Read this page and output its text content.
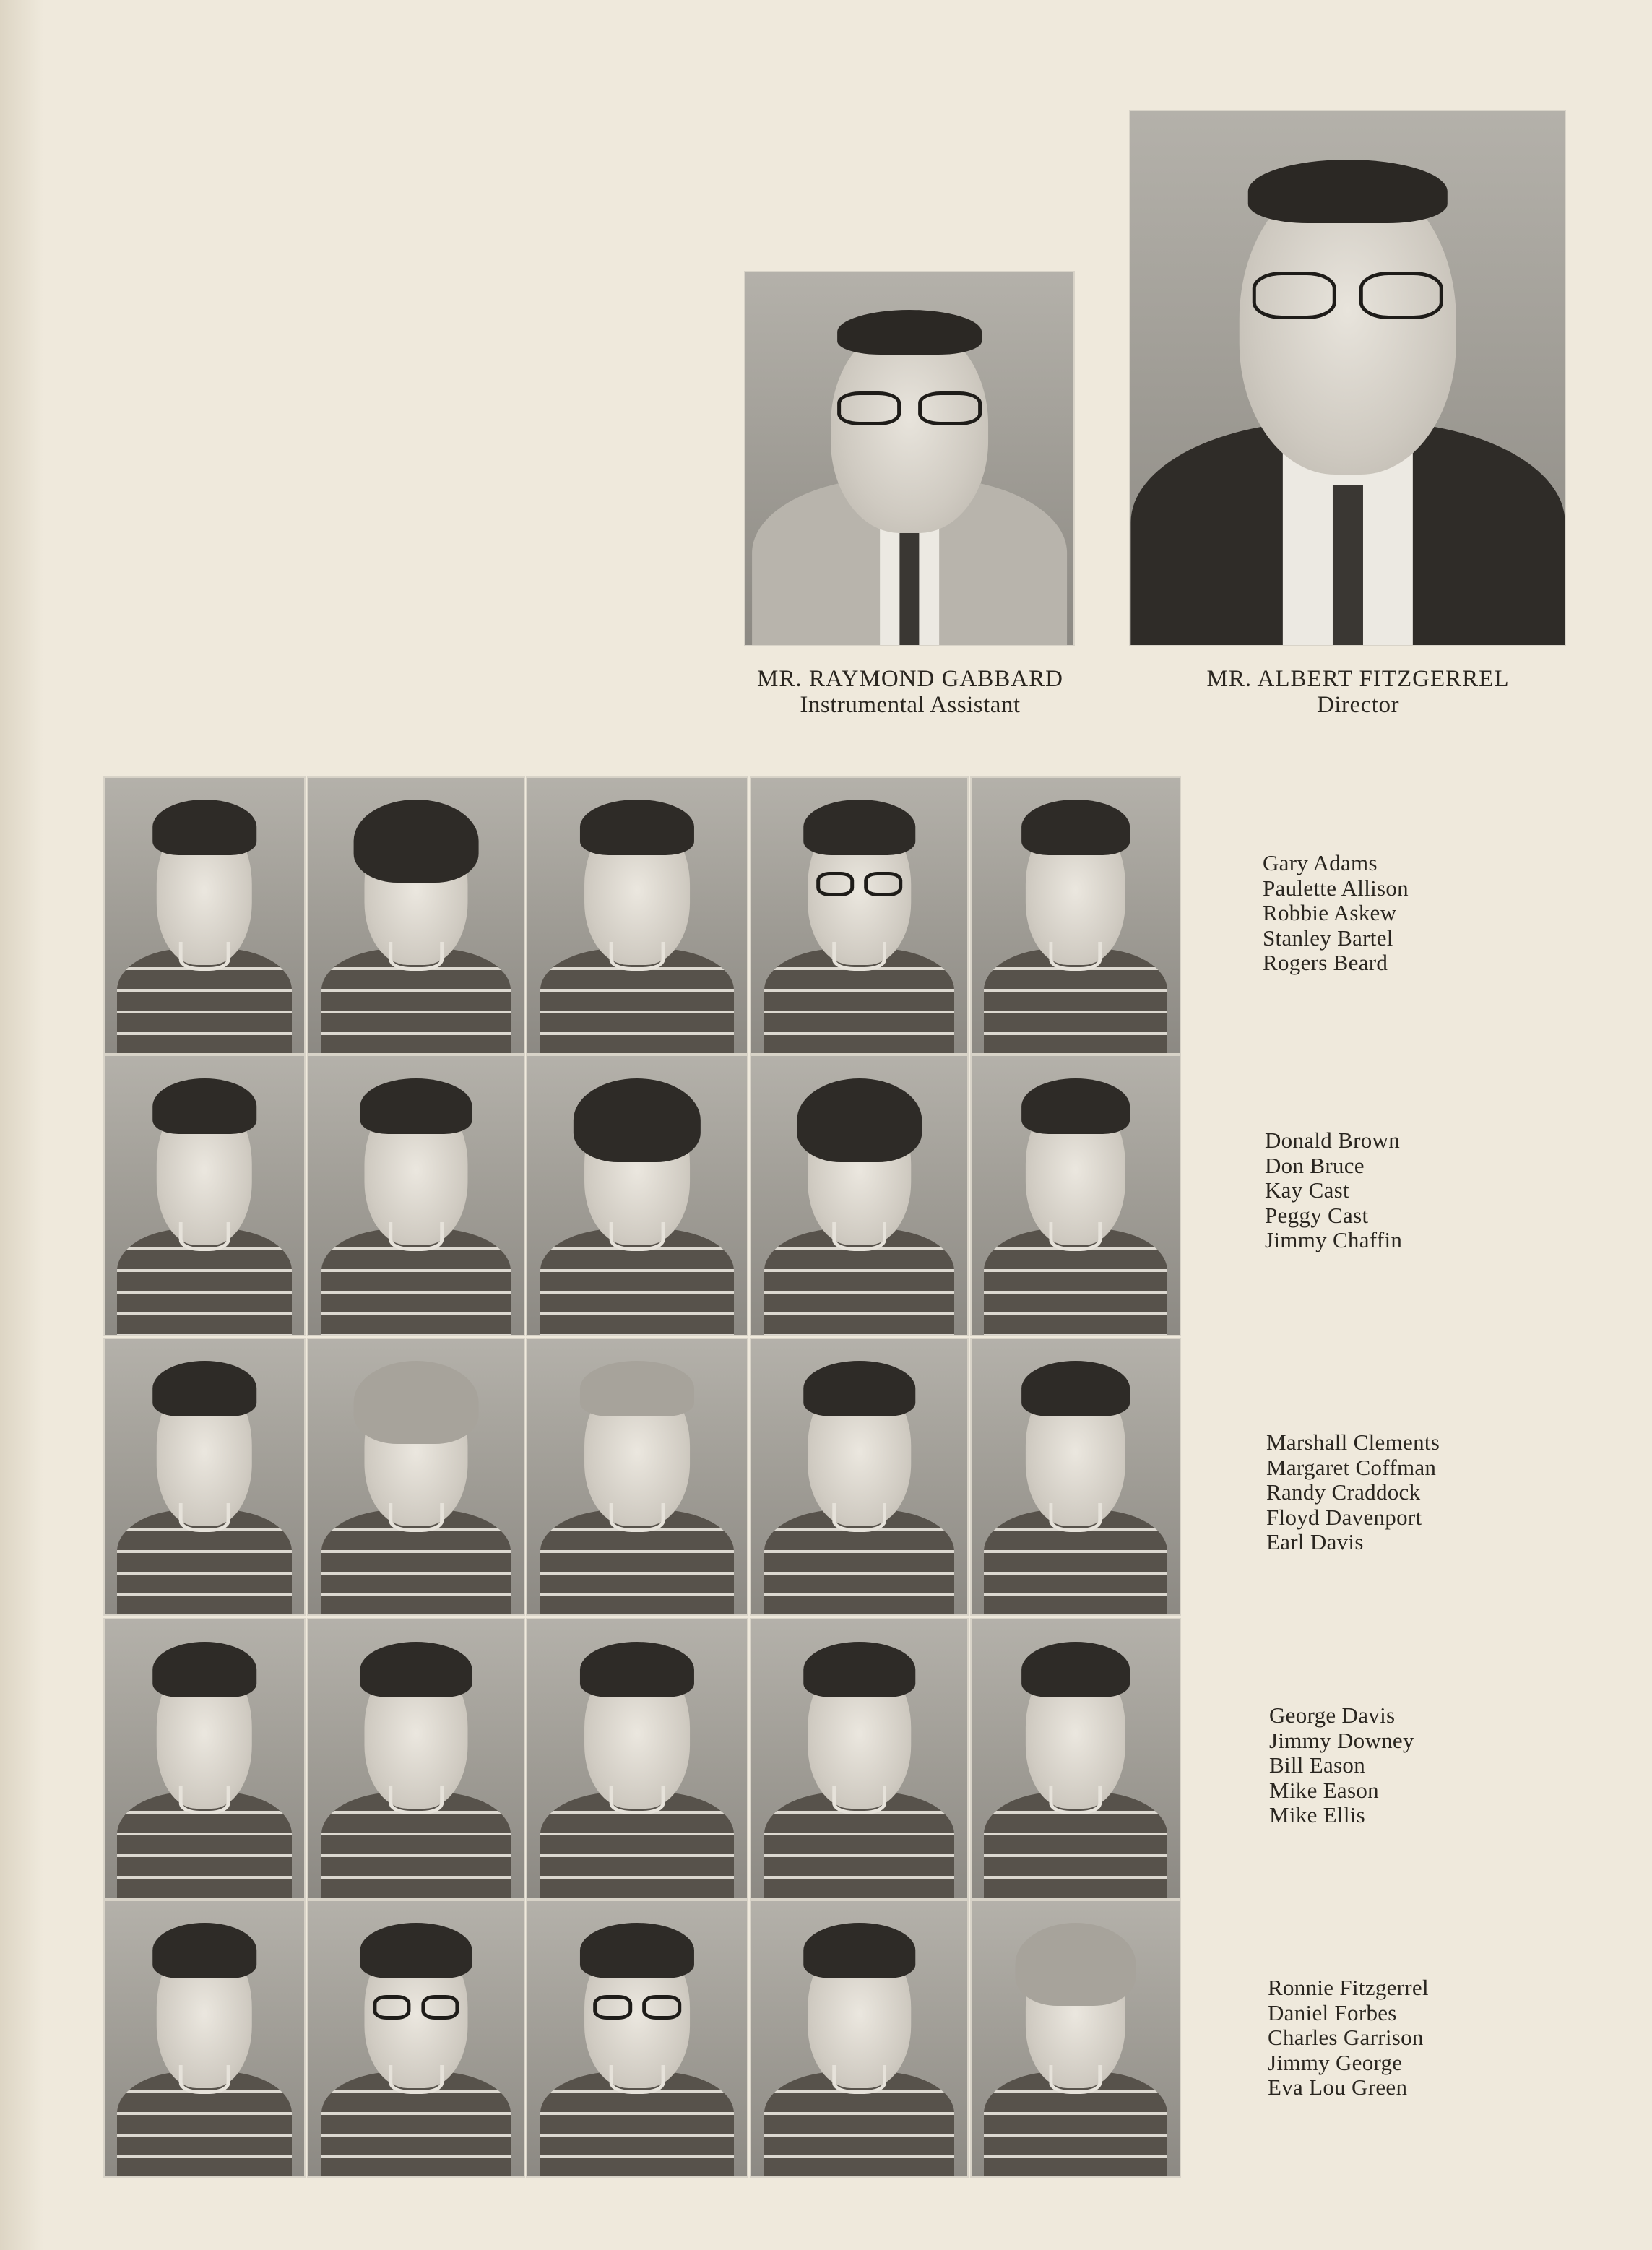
MR. RAYMOND GABBARD
Instrumental Assistant
MR. ALBERT FITZGERREL
Director
Gary Adams
Paulette Allison
Robbie Askew
Stanley Bartel
Rogers Beard
Donald Brown
Don Bruce
Kay Cast
Peggy Cast
Jimmy Chaffin
Marshall Clements
Margaret Coffman
Randy Craddock
Floyd Davenport
Earl Davis
George Davis
Jimmy Downey
Bill Eason
Mike Eason
Mike Ellis
Ronnie Fitzgerrel
Daniel Forbes
Charles Garrison
Jimmy George
Eva Lou Green
